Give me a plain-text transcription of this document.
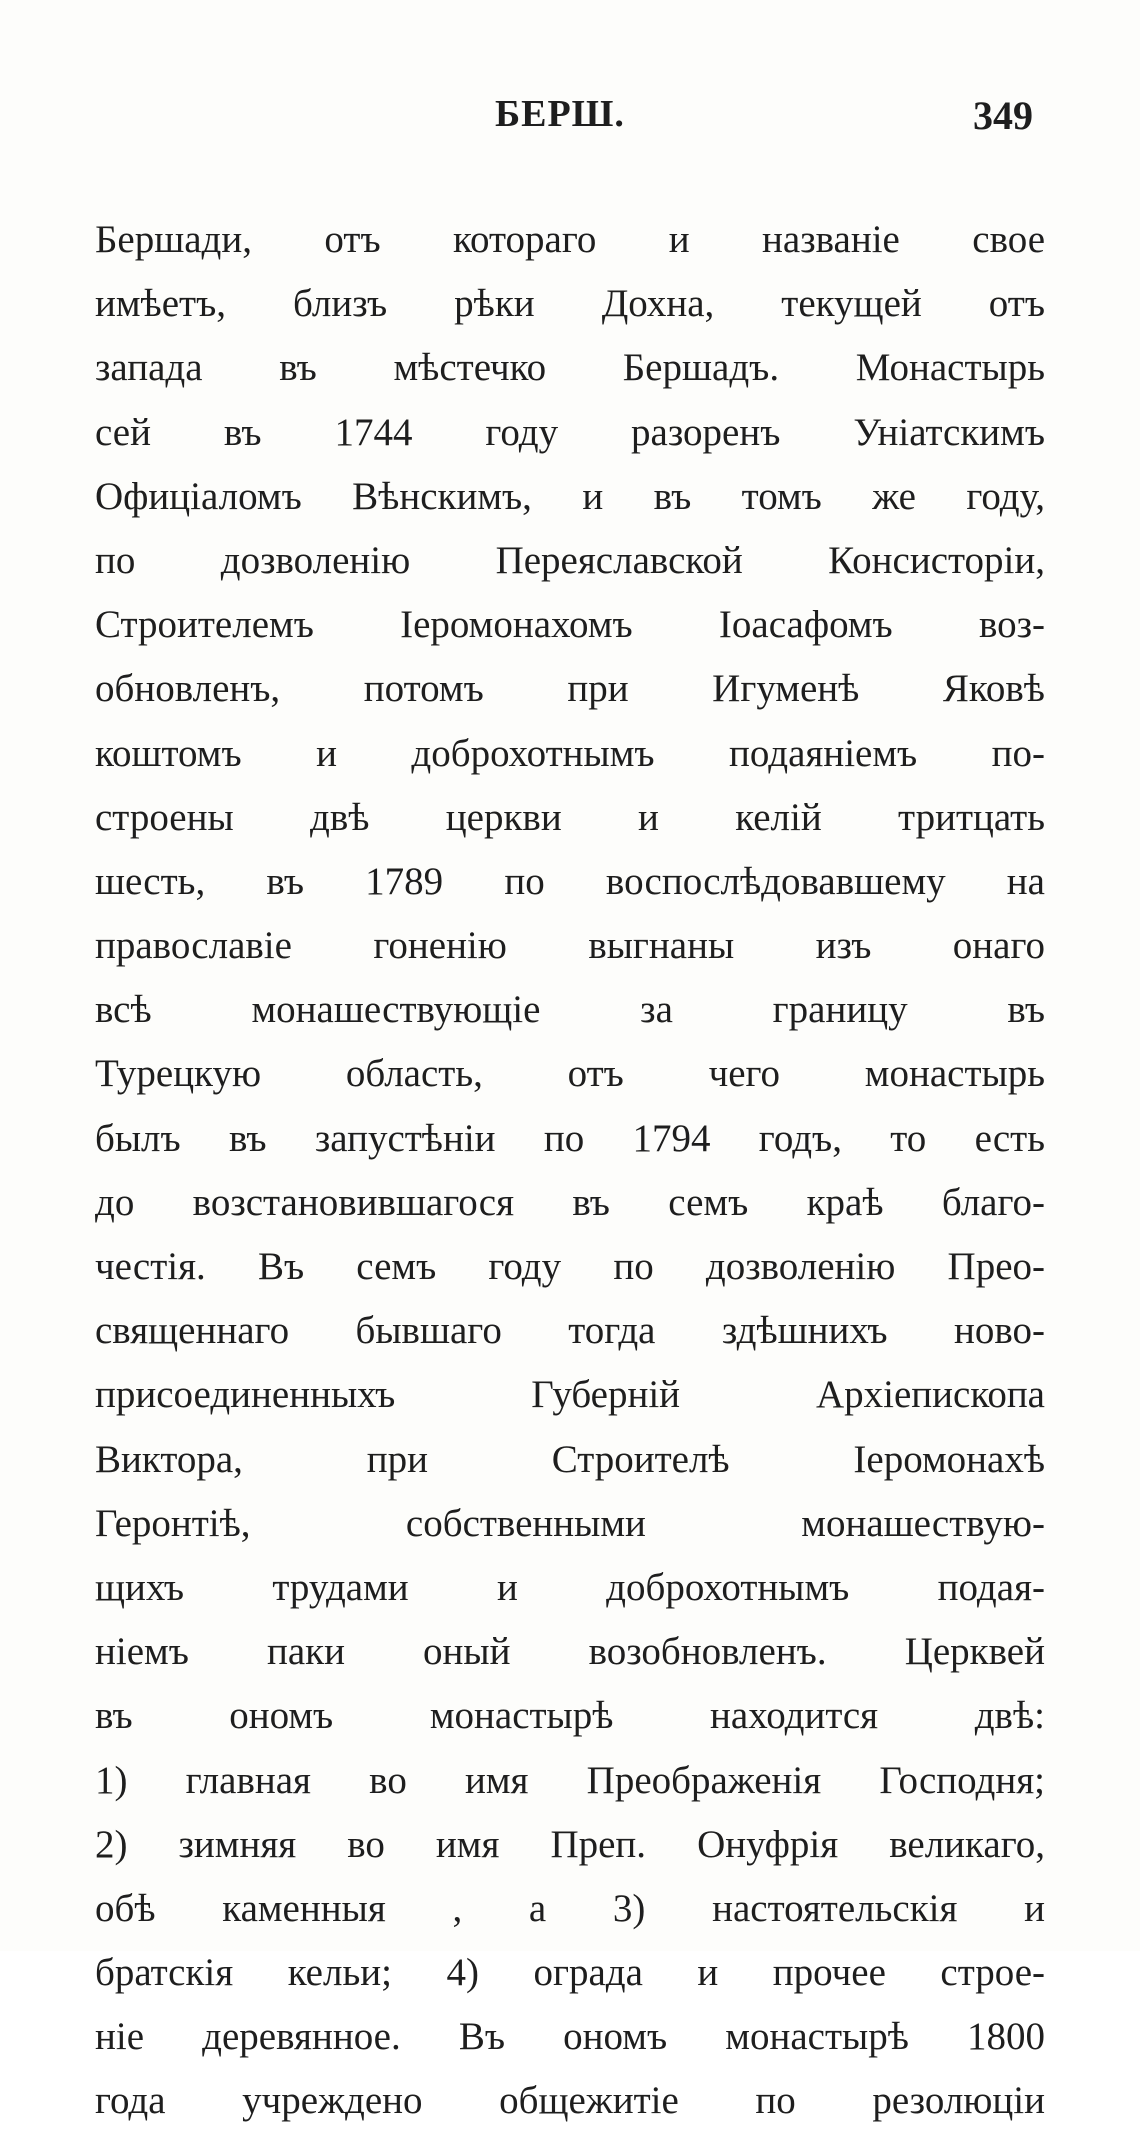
БЕРШ.	349
Бершади, отъ котораго и названіе свое
имѣетъ, близъ рѣки Дохна, текущей отъ
запада въ мѣстечко Бершадъ. Монастырь
сей въ 1744 году разоренъ Уніатскимъ
Офиціаломъ Вѣнскимъ, и въ томъ же году,
по дозволенію Переяславской Консисторіи,
Строителемъ Іеромонахомъ Іоасафомъ воз-
обновленъ, потомъ при Игуменѣ Яковѣ
коштомъ и доброхотнымъ подаяніемъ по-
строены двѣ церкви и келій тритцать
шесть, въ 1789 по воспослѣдовавшему на
православіе гоненію выгнаны изъ онаго
всѣ монашествующіе за границу въ
Турецкую область, отъ чего монастырь
былъ въ запустѣніи по 1794 годъ, то есть
до возстановившагося въ семъ краѣ благо-
честія. Въ семъ году по дозволенію Прео-
священнаго бывшаго тогда здѣшнихъ ново-
присоединенныхъ Губерній Архіепископа
Виктора, при Строителѣ Іеромонахѣ
Геронтіѣ, собственными монашествую-
щихъ трудами и доброхотнымъ подая-
ніемъ паки оный возобновленъ. Церквей
въ ономъ монастырѣ находится двѣ:
1) главная во имя Преображенія Господня;
2) зимняя во имя Преп. Онуфрія великаго,
обѣ каменныя , а 3) настоятельскія и
братскія кельи; 4) ограда и прочее строе-
ніе деревянное. Въ ономъ монастырѣ 1800
года учреждено общежитіе по резолюціи
